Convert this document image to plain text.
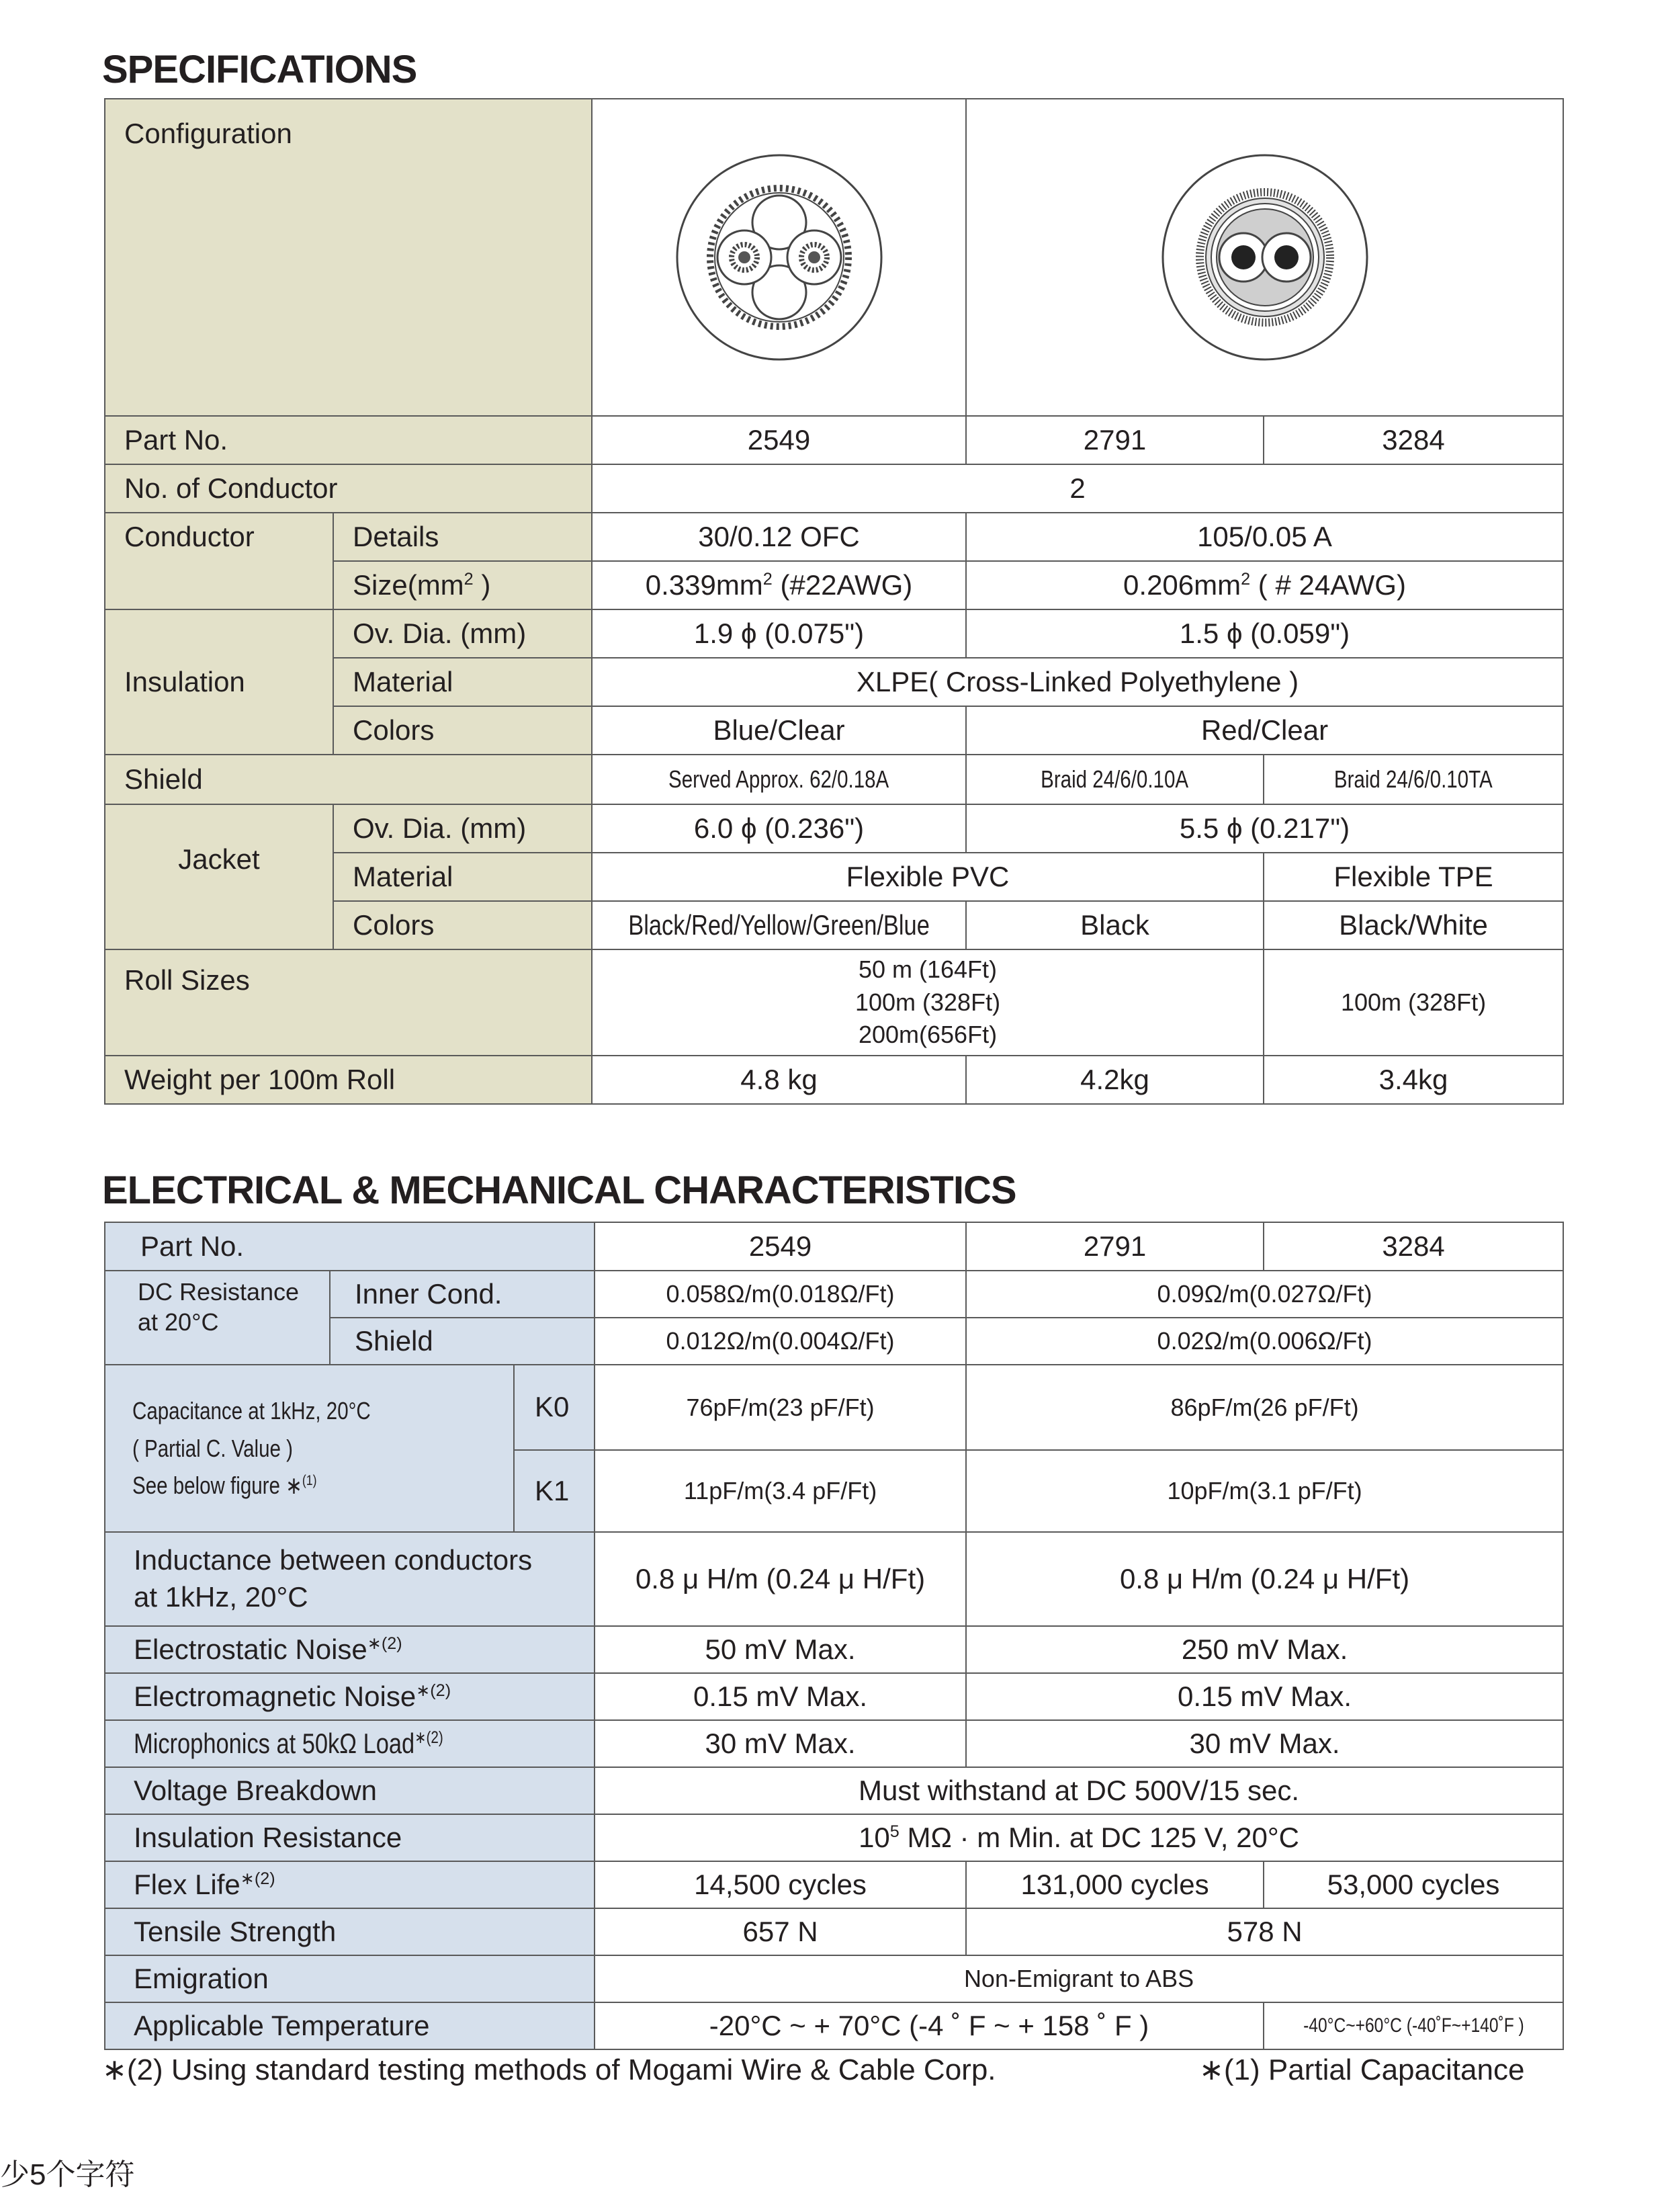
SPECIFICATIONS
Configuration	

Part No.		2549	2791	3284
No. of Conductor		2		
Conductor	Details	30/0.12 OFC	105/0.05 A	
	$Size(mm^2$ )	$0.339mm^2$ (#22AWG)	$0.206mm^2$ ( # 24AWG)	
Insulation	Ov. Dia. (mm)	1.9 ϕ (0.075")	1.5 ϕ (0.059")	
	Material	XLPE( Cross-Linked Polyethylene )		
	Colors	Blue/Clear	Red/Clear	
Shield		Served Approx. 62/0.18A	Braid 24/6/0.10A	Braid 24/6/0.10TA
Jacket	Ov. Dia. (mm)	6.0 ϕ (0.236")	5.5 ϕ (0.217")	
	Material	Flexible PVC		Flexible TPE
	Colors	Black/Red/Yellow/Green/Blue	Black	Black/White
Roll Sizes		50 m (164Ft)
100m (328Ft)
200m(656Ft)		100m (328Ft)
Weight per 100m Roll		4.8 kg	4.2kg	3.4kg
ELECTRICAL & MECHANICAL CHARACTERISTICS
Part No.			2549	2791	3284

DC Resistance
at 20°C	Inner Cond.		0.058Ω/m(0.018Ω/Ft)	0.09Ω/m(0.027Ω/Ft)	
	Shield		0.012Ω/m(0.004Ω/Ft)	0.02Ω/m(0.006Ω/Ft)	

Capacitance at 1kHz, 20°C
( Partial C. Value )
See below figure ∗$^{(1)}$		K0	76pF/m(23 pF/Ft)	86pF/m(26 pF/Ft)	
		K1	11pF/m(3.4 pF/Ft)	10pF/m(3.1 pF/Ft)	

Inductance between conductors
at 1kHz, 20°C			0.8 μ H/m (0.24 μ H/Ft)	0.8 μ H/m (0.24 μ H/Ft)	
Electrostatic Noise$^{∗(2)}$			50 mV Max.	250 mV Max.	
Electromagnetic Noise$^{∗(2)}$			0.15 mV Max.	0.15 mV Max.	
Microphonics at 50kΩ Load$^{∗(2)}$			30 mV Max.	30 mV Max.	
Voltage Breakdown			Must withstand at DC 500V/15 sec.		
Insulation Resistance			$10^5$ MΩ · m Min. at DC 125 V, 20°C		
Flex Life$^{∗(2)}$			14,500 cycles	131,000 cycles	53,000 cycles
Tensile Strength			657 N	578 N	
Emigration			Non-Emigrant to ABS		
Applicable Temperature			-20°C ~ + 70°C (-4 ˚ F ~ + 158 ˚ F )		-40°C~+60°C (-40˚F~+140˚F )
∗(2) Using standard testing methods of Mogami Wire & Cable Corp.	∗(1) Partial Capacitance
少5个字符
